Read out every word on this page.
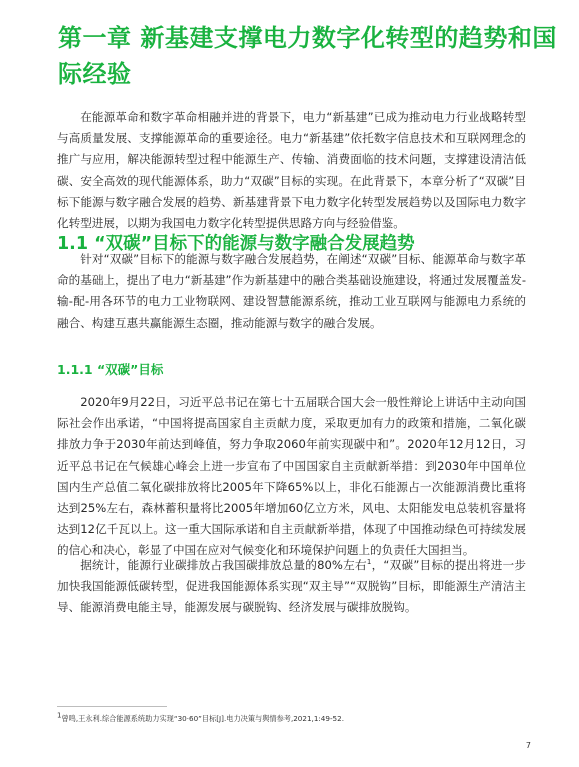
第一章 新基建支撑电力数字化转型的趋势和国际经验

在能源革命和数字革命相融并进的背景下，电力“新基建”已成为推动电力行业战略转型与高质量发展、支撑能源革命的重要途径。电力“新基建”依托数字信息技术和互联网理念的推广与应用，解决能源转型过程中能源生产、传输、消费面临的技术问题，支撑建设清洁低碳、安全高效的现代能源体系，助力“双碳”目标的实现。在此背景下，本章分析了“双碳”目标下能源与数字融合发展的趋势、新基建背景下电力数字化转型发展趋势以及国际电力数字化转型进展，以期为我国电力数字化转型提供思路方向与经验借鉴。

1.1 “双碳”目标下的能源与数字融合发展趋势

针对“双碳”目标下的能源与数字融合发展趋势，在阐述“双碳”目标、能源革命与数字革命的基础上，提出了电力“新基建”作为新基建中的融合类基础设施建设，将通过发展覆盖发-输-配-用各环节的电力工业物联网、建设智慧能源系统，推动工业互联网与能源电力系统的融合、构建互惠共赢能源生态圈，推动能源与数字的融合发展。

1.1.1 “双碳”目标

2020年9月22日，习近平总书记在第七十五届联合国大会一般性辩论上讲话中主动向国际社会作出承诺，“中国将提高国家自主贡献力度，采取更加有力的政策和措施，二氧化碳排放力争于2030年前达到峰值，努力争取2060年前实现碳中和”。2020年12月12日，习近平总书记在气候雄心峰会上进一步宣布了中国国家自主贡献新举措：到2030年中国单位国内生产总值二氧化碳排放将比2005年下降65%以上，非化石能源占一次能源消费比重将达到25%左右，森林蓄积量将比2005年增加60亿立方米，风电、太阳能发电总装机容量将达到12亿千瓦以上。这一重大国际承诺和自主贡献新举措，体现了中国推动绿色可持续发展的信心和决心，彰显了中国在应对气候变化和环境保护问题上的负责任大国担当。

据统计，能源行业碳排放占我国碳排放总量的80%左右$^1$，“双碳”目标的提出将进一步加快我国能源低碳转型，促进我国能源体系实现“双主导”“双脱钩”目标，即能源生产清洁主导、能源消费电能主导，能源发展与碳脱钩、经济发展与碳排放脱钩。

1曾鸣,王永利.综合能源系统助力实现“30·60”目标[J].电力决策与舆情参考,2021,1:49-52.
7
